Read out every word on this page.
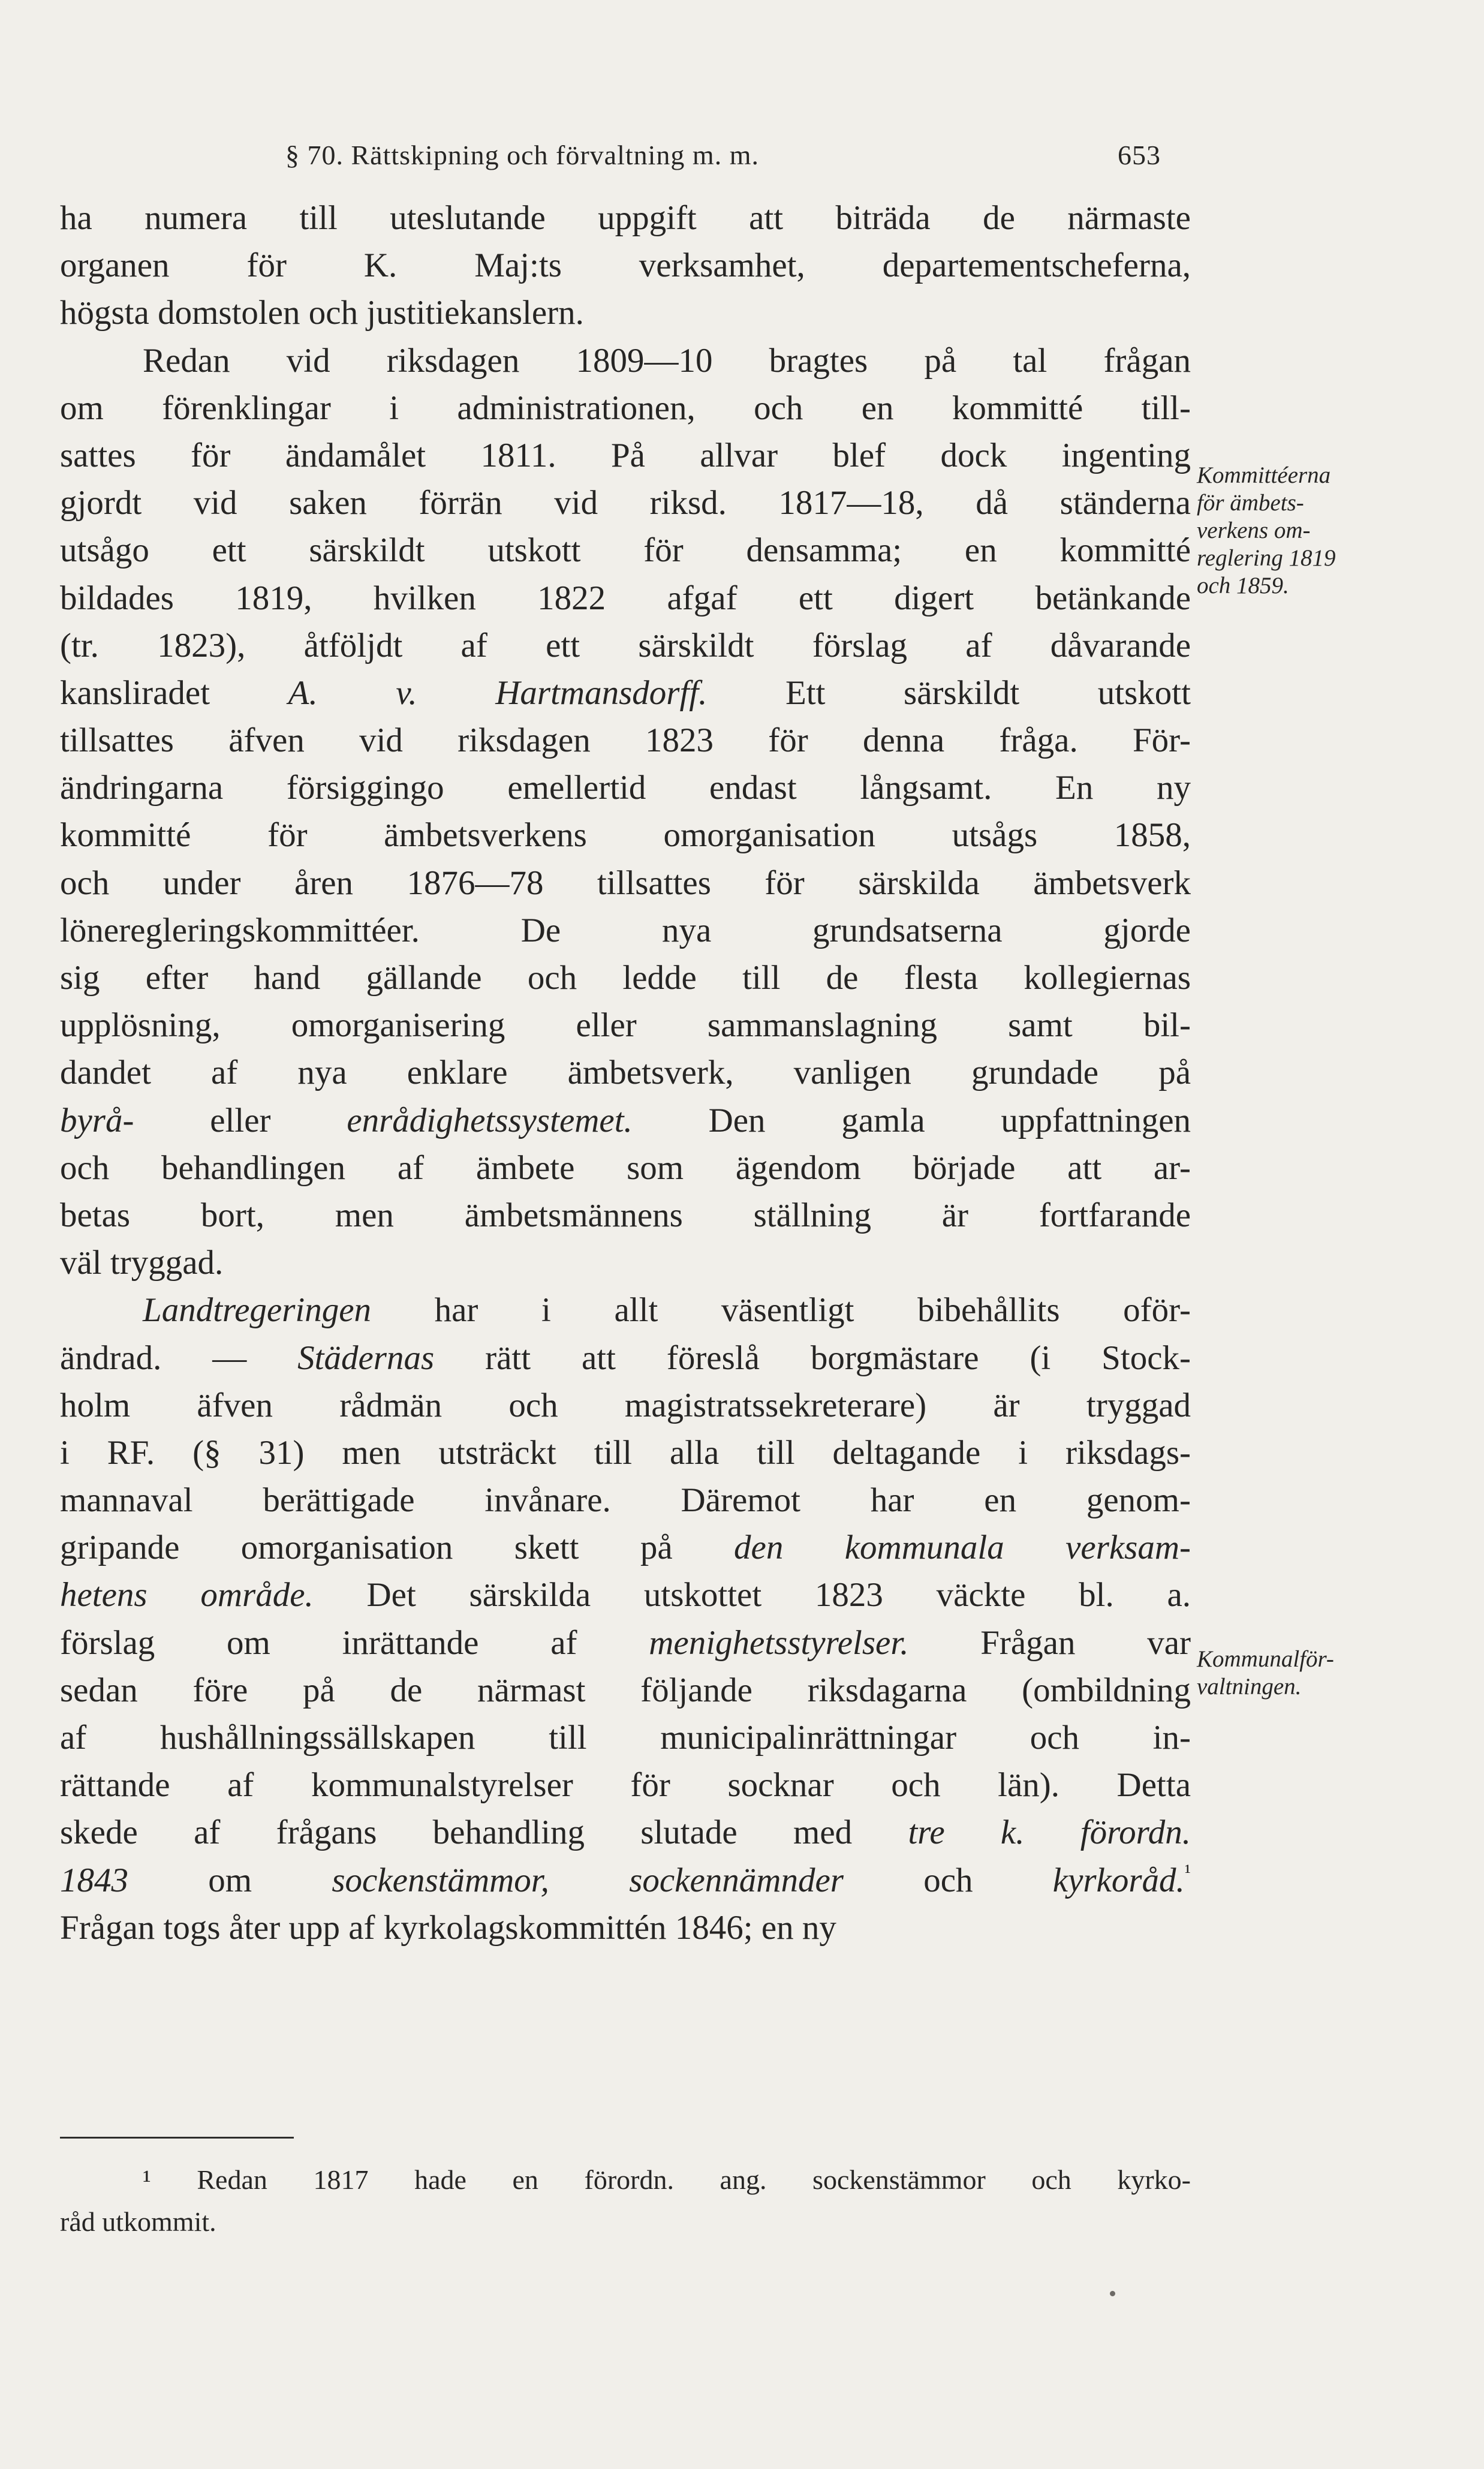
§ 70. Rättskipning och förvaltning m. m.	653
ha numera till uteslutande uppgift att biträda de närmaste
organen för K. Maj:ts verksamhet, departementscheferna,
högsta domstolen och justitiekanslern.
Redan vid riksdagen 1809—10 bragtes på tal frågan
om förenklingar i administrationen, och en kommitté till-
sattes för ändamålet 1811. På allvar blef dock ingenting
gjordt vid saken förrän vid riksd. 1817—18, då ständerna
utsågo ett särskildt utskott för densamma; en kommitté
bildades 1819, hvilken 1822 afgaf ett digert betänkande
(tr. 1823), åtföljdt af ett särskildt förslag af dåvarande
kansliradet A. v. Hartmansdorff. Ett särskildt utskott
tillsattes äfven vid riksdagen 1823 för denna fråga. För-
ändringarna försiggingo emellertid endast långsamt. En ny
kommitté för ämbetsverkens omorganisation utsågs 1858,
och under åren 1876—78 tillsattes för särskilda ämbetsverk
löneregleringskommittéer. De nya grundsatserna gjorde
sig efter hand gällande och ledde till de flesta kollegiernas
upplösning, omorganisering eller sammanslagning samt bil-
dandet af nya enklare ämbetsverk, vanligen grundade på
byrå- eller enrådighetssystemet. Den gamla uppfattningen
och behandlingen af ämbete som ägendom började att ar-
betas bort, men ämbetsmännens ställning är fortfarande
väl tryggad.
Landtregeringen har i allt väsentligt bibehållits oför-
ändrad. — Städernas rätt att föreslå borgmästare (i Stock-
holm äfven rådmän och magistratssekreterare) är tryggad
i RF. (§ 31) men utsträckt till alla till deltagande i riksdags-
mannaval berättigade invånare. Däremot har en genom-
gripande omorganisation skett på den kommunala verksam-
hetens område. Det särskilda utskottet 1823 väckte bl. a.
förslag om inrättande af menighetsstyrelser. Frågan var
sedan före på de närmast följande riksdagarna (ombildning
af hushållningssällskapen till municipalinrättningar och in-
rättande af kommunalstyrelser för socknar och län). Detta
skede af frågans behandling slutade med tre k. förordn.
1843 om sockenstämmor, sockennämnder och kyrkoråd.$^{^1}$
Frågan togs åter upp af kyrkolagskommittén 1846; en ny
Kommittéerna
för ämbets-
verkens om-
reglering 1819
och 1859.
Kommunalför-
valtningen.
¹ Redan 1817 hade en förordn. ang. sockenstämmor och kyrko-
råd utkommit.
